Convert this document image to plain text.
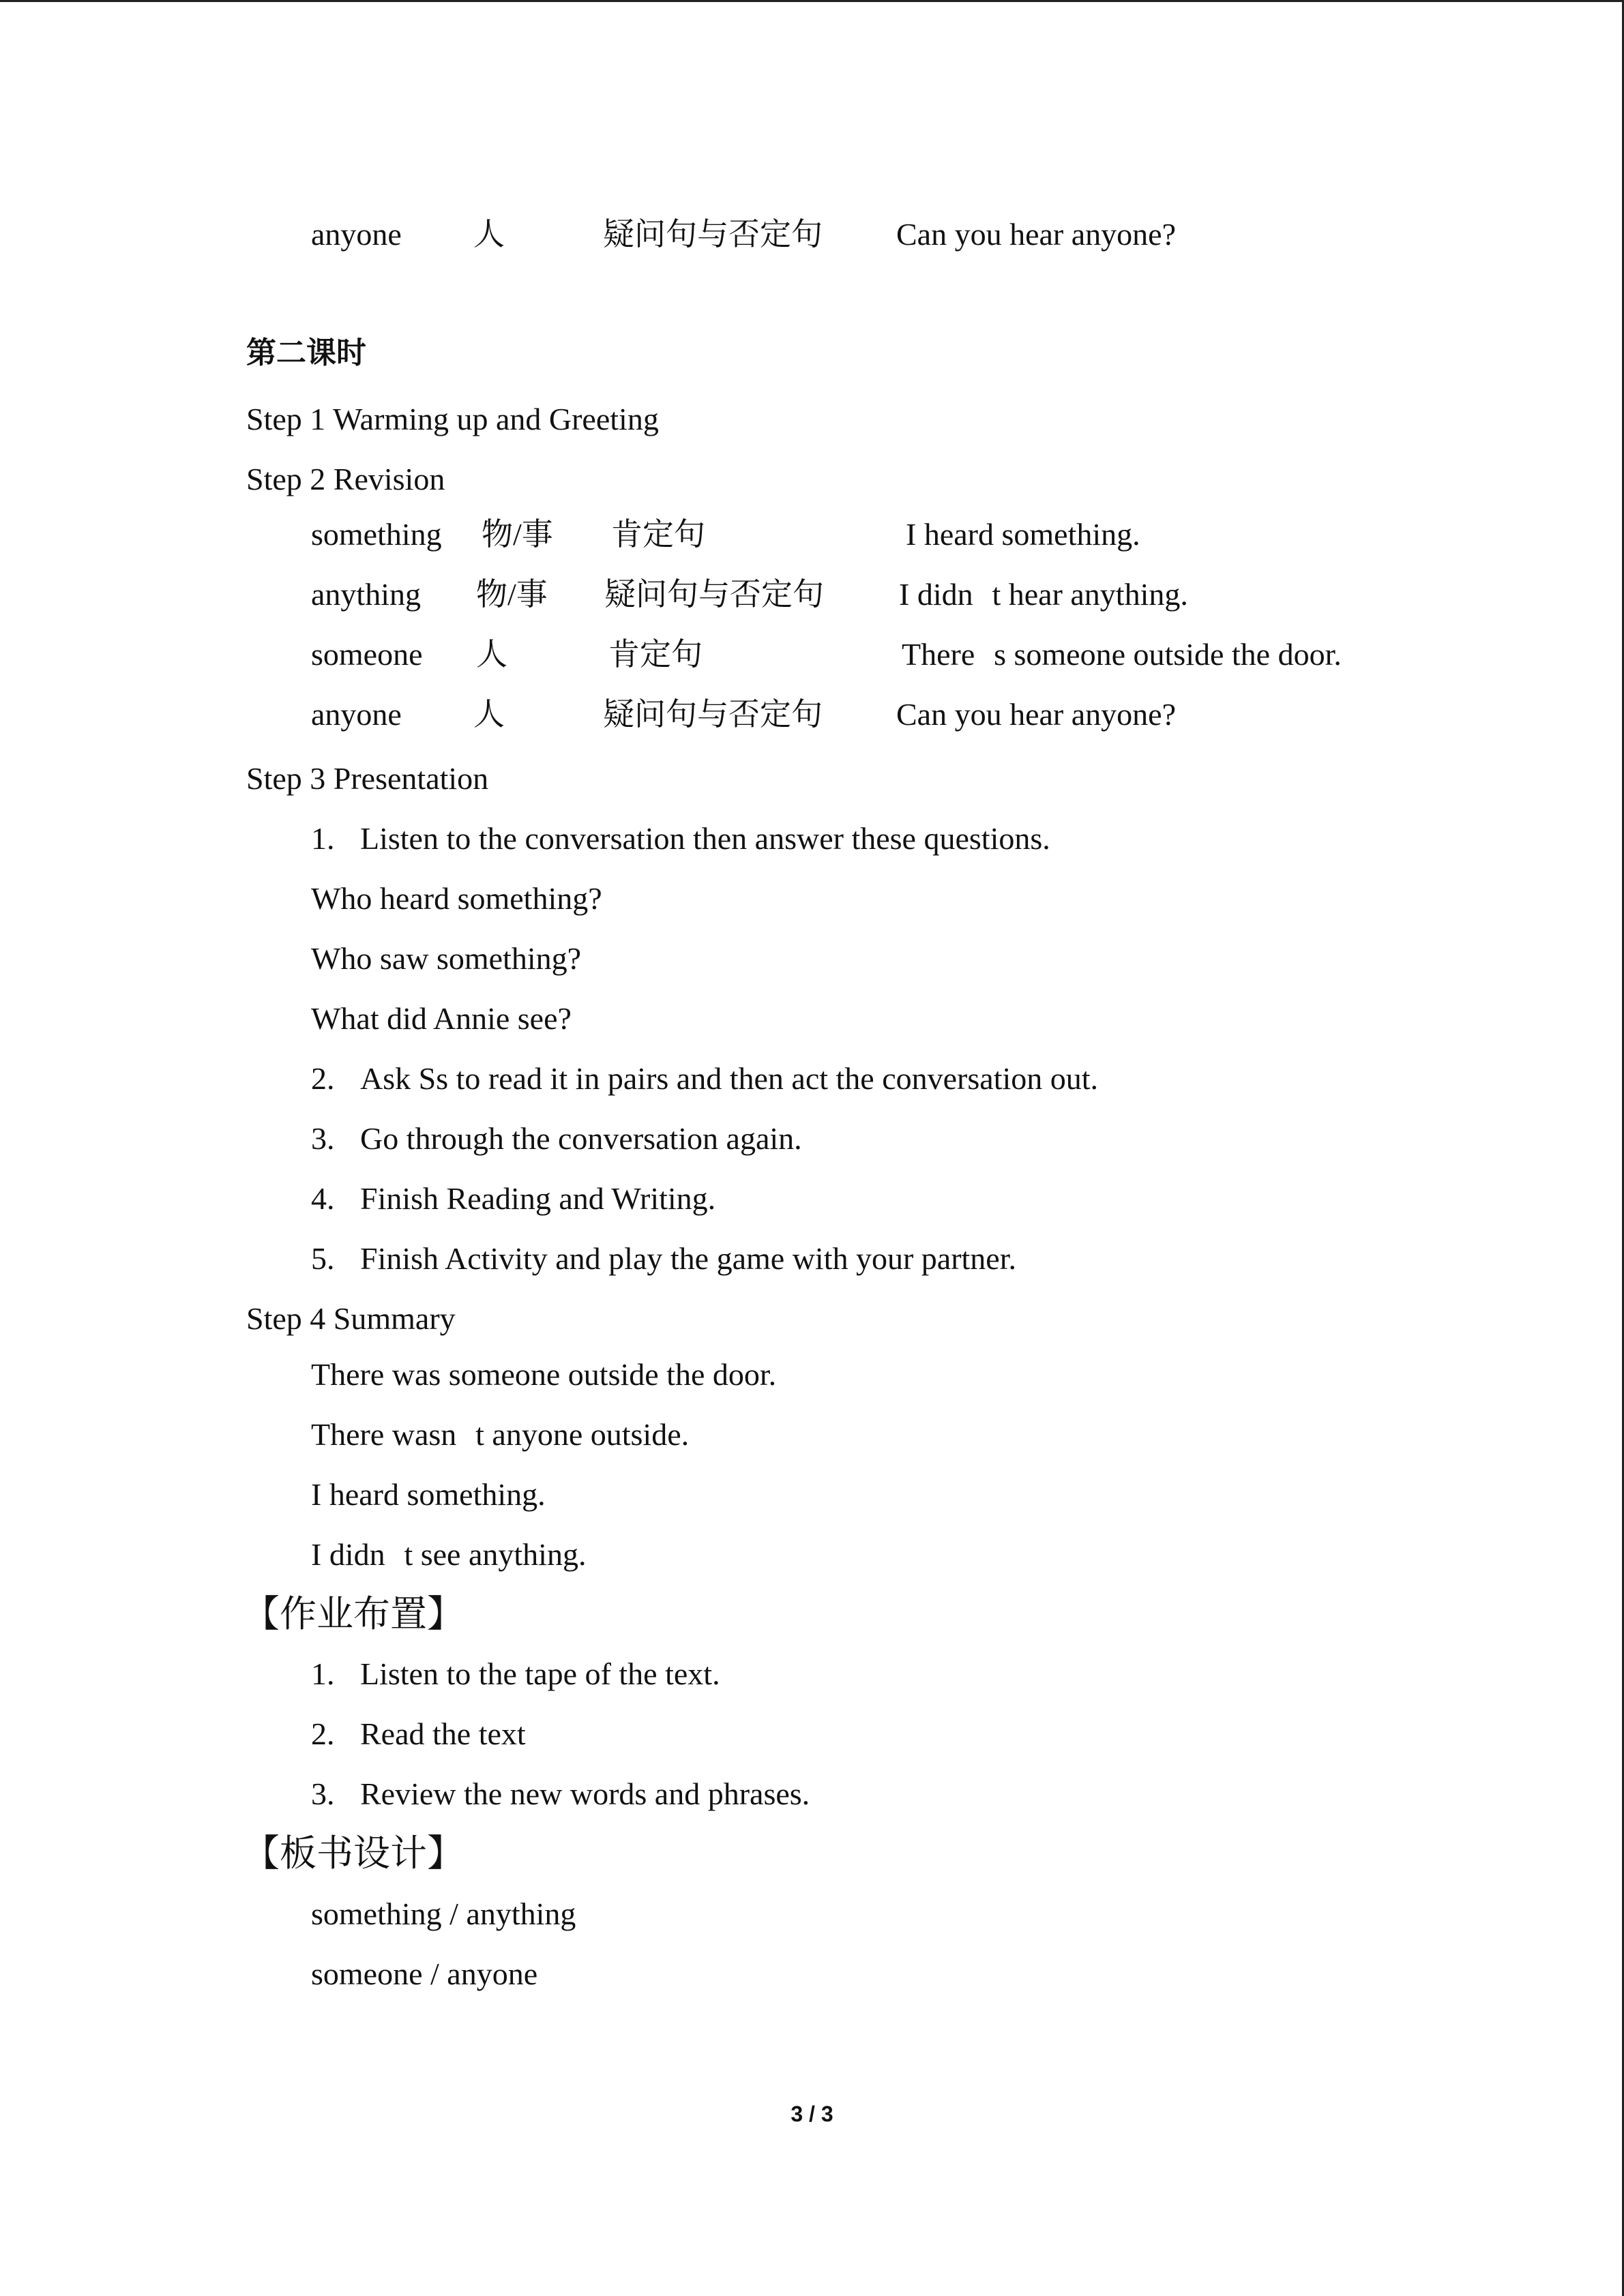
anyone 人	疑问句与否定句 Can you hear anyone?
第二课时
Step 1 Warming up and Greeting
Step 2 Revision
something 物/事 肯定句	I heard something.
anything 物/事 疑问句与否定句 I didnt hear anything.
someone 人	肯定句	Theres someone outside the door.
anyone 人	疑问句与否定句 Can you hear anyone?
Step 3 Presentation
1. Listen to the conversation then answer these questions.
Who heard something?
Who saw something?
What did Annie see?
2. Ask Ss to read it in pairs and then act the conversation out.
3. Go through the conversation again.
4. Finish Reading and Writing.
5. Finish Activity and play the game with your partner.
Step 4 Summary
There was someone outside the door.
There wasnt anyone outside.
I heard something.
I didnt see anything.
【作业布置】
1. Listen to the tape of the text.
2. Read the text
3. Review the new words and phrases.
【板书设计】
something / anything
someone / anyone
3 / 3
